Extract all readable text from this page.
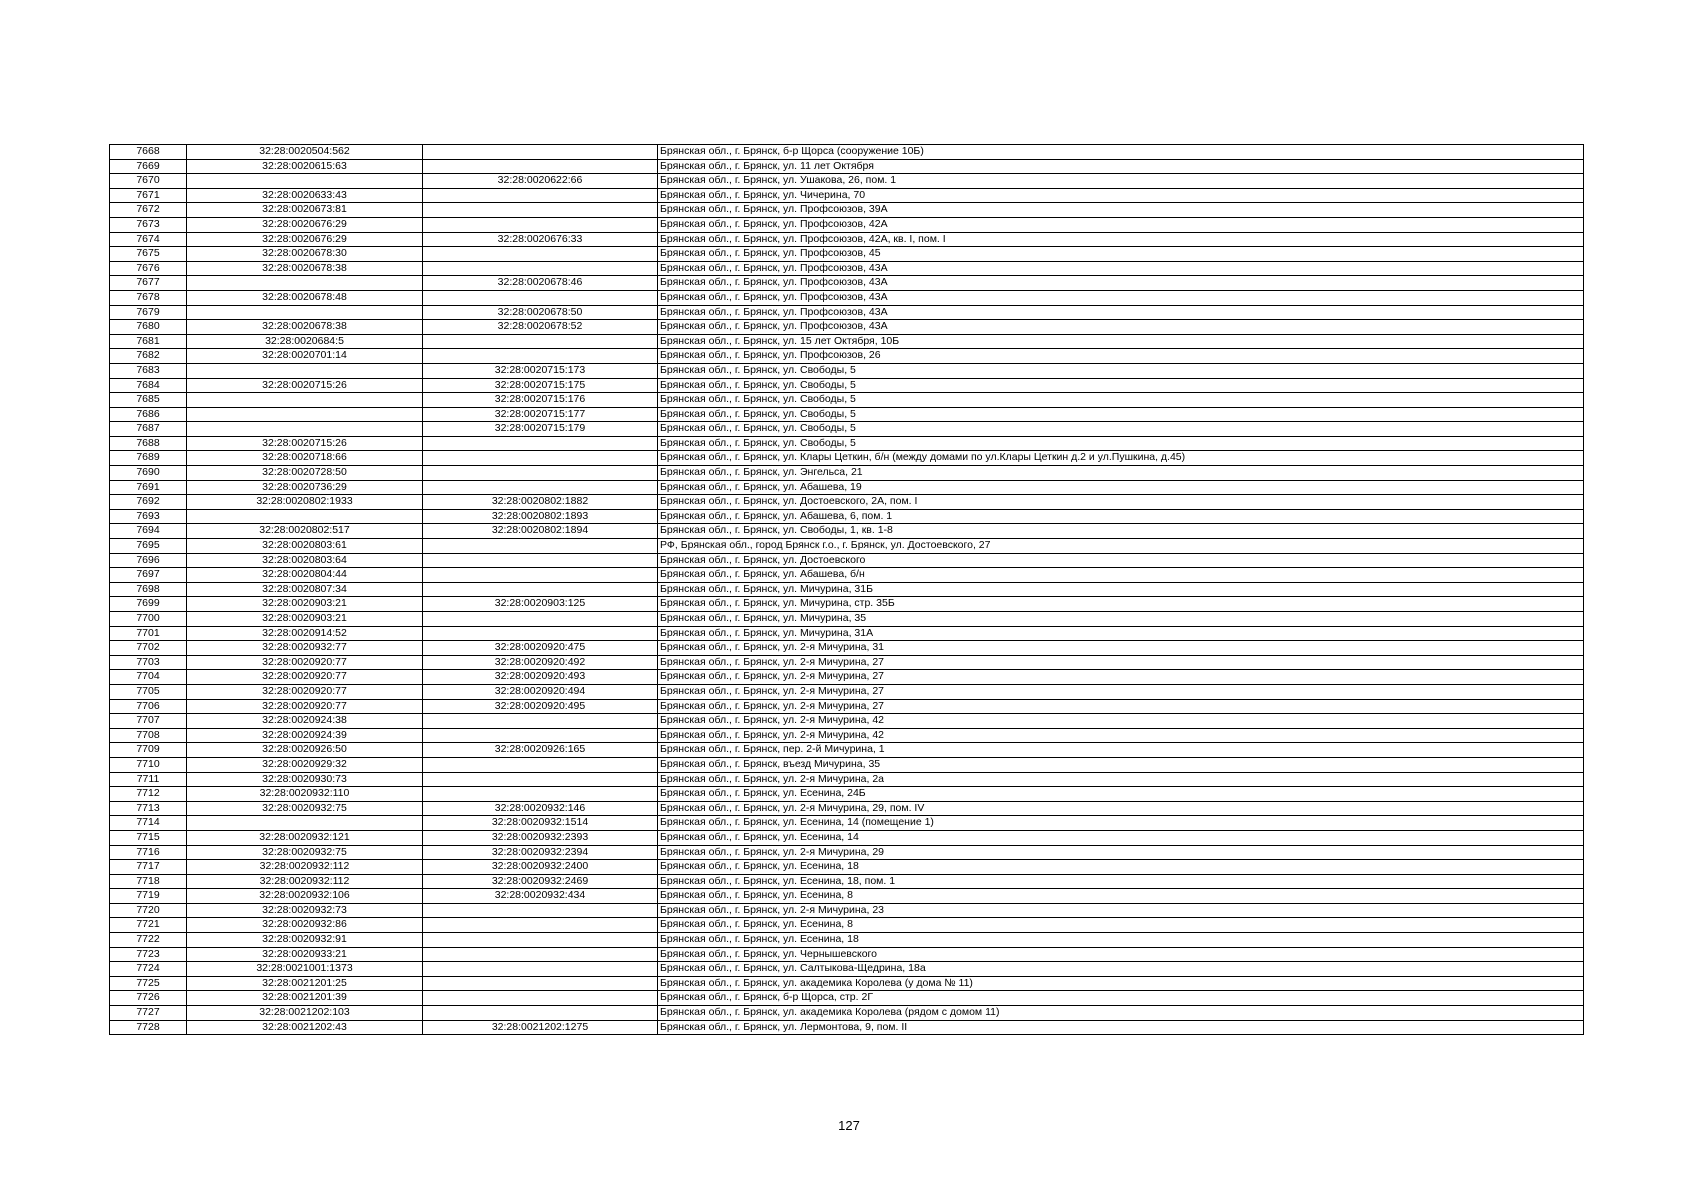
7668	32:28:0020504:562		Брянская обл., г. Брянск, б-р Щорса (сооружение 10Б)
7669	32:28:0020615:63		Брянская обл., г. Брянск, ул. 11 лет Октября
7670		32:28:0020622:66	Брянская обл., г. Брянск, ул. Ушакова, 26, пом. 1
7671	32:28:0020633:43		Брянская обл., г. Брянск, ул. Чичерина, 70
7672	32:28:0020673:81		Брянская обл., г. Брянск, ул. Профсоюзов, 39А
7673	32:28:0020676:29		Брянская обл., г. Брянск, ул. Профсоюзов, 42А
7674	32:28:0020676:29	32:28:0020676:33	Брянская обл., г. Брянск, ул. Профсоюзов, 42А, кв. I, пом. I
7675	32:28:0020678:30		Брянская обл., г. Брянск, ул. Профсоюзов, 45
7676	32:28:0020678:38		Брянская обл., г. Брянск, ул. Профсоюзов, 43А
7677		32:28:0020678:46	Брянская обл., г. Брянск, ул. Профсоюзов, 43А
7678	32:28:0020678:48		Брянская обл., г. Брянск, ул. Профсоюзов, 43А
7679		32:28:0020678:50	Брянская обл., г. Брянск, ул. Профсоюзов, 43А
7680	32:28:0020678:38	32:28:0020678:52	Брянская обл., г. Брянск, ул. Профсоюзов, 43А
7681	32:28:0020684:5		Брянская обл., г. Брянск, ул. 15 лет Октября, 10Б
7682	32:28:0020701:14		Брянская обл., г. Брянск, ул. Профсоюзов, 26
7683		32:28:0020715:173	Брянская обл., г. Брянск, ул. Свободы, 5
7684	32:28:0020715:26	32:28:0020715:175	Брянская обл., г. Брянск, ул. Свободы, 5
7685		32:28:0020715:176	Брянская обл., г. Брянск, ул. Свободы, 5
7686		32:28:0020715:177	Брянская обл., г. Брянск, ул. Свободы, 5
7687		32:28:0020715:179	Брянская обл., г. Брянск, ул. Свободы, 5
7688	32:28:0020715:26		Брянская обл., г. Брянск, ул. Свободы, 5
7689	32:28:0020718:66		Брянская обл., г. Брянск, ул. Клары Цеткин, б/н (между домами по ул.Клары Цеткин д.2 и ул.Пушкина, д.45)
7690	32:28:0020728:50		Брянская обл., г. Брянск, ул. Энгельса, 21
7691	32:28:0020736:29		Брянская обл., г. Брянск, ул. Абашева, 19
7692	32:28:0020802:1933	32:28:0020802:1882	Брянская обл., г. Брянск, ул. Достоевского, 2А, пом. I
7693		32:28:0020802:1893	Брянская обл., г. Брянск, ул. Абашева, 6, пом. 1
7694	32:28:0020802:517	32:28:0020802:1894	Брянская обл., г. Брянск, ул. Свободы, 1, кв. 1-8
7695	32:28:0020803:61		РФ, Брянская обл., город Брянск г.о., г. Брянск, ул. Достоевского, 27
7696	32:28:0020803:64		Брянская обл., г. Брянск, ул. Достоевского
7697	32:28:0020804:44		Брянская обл., г. Брянск, ул. Абашева, б/н
7698	32:28:0020807:34		Брянская обл., г. Брянск, ул. Мичурина, 31Б
7699	32:28:0020903:21	32:28:0020903:125	Брянская обл., г. Брянск, ул. Мичурина, стр. 35Б
7700	32:28:0020903:21		Брянская обл., г. Брянск, ул. Мичурина, 35
7701	32:28:0020914:52		Брянская обл., г. Брянск, ул. Мичурина, 31А
7702	32:28:0020932:77	32:28:0020920:475	Брянская обл., г. Брянск, ул. 2-я Мичурина, 31
7703	32:28:0020920:77	32:28:0020920:492	Брянская обл., г. Брянск, ул. 2-я Мичурина, 27
7704	32:28:0020920:77	32:28:0020920:493	Брянская обл., г. Брянск, ул. 2-я Мичурина, 27
7705	32:28:0020920:77	32:28:0020920:494	Брянская обл., г. Брянск, ул. 2-я Мичурина, 27
7706	32:28:0020920:77	32:28:0020920:495	Брянская обл., г. Брянск, ул. 2-я Мичурина, 27
7707	32:28:0020924:38		Брянская обл., г. Брянск, ул. 2-я Мичурина, 42
7708	32:28:0020924:39		Брянская обл., г. Брянск, ул. 2-я Мичурина, 42
7709	32:28:0020926:50	32:28:0020926:165	Брянская обл., г. Брянск, пер. 2-й Мичурина, 1
7710	32:28:0020929:32		Брянская обл., г. Брянск, въезд Мичурина, 35
7711	32:28:0020930:73		Брянская обл., г. Брянск, ул. 2-я Мичурина, 2а
7712	32:28:0020932:110		Брянская обл., г. Брянск, ул. Есенина, 24Б
7713	32:28:0020932:75	32:28:0020932:146	Брянская обл., г. Брянск, ул. 2-я Мичурина, 29, пом. IV
7714		32:28:0020932:1514	Брянская обл., г. Брянск, ул. Есенина, 14 (помещение 1)
7715	32:28:0020932:121	32:28:0020932:2393	Брянская обл., г. Брянск, ул. Есенина, 14
7716	32:28:0020932:75	32:28:0020932:2394	Брянская обл., г. Брянск, ул. 2-я Мичурина, 29
7717	32:28:0020932:112	32:28:0020932:2400	Брянская обл., г. Брянск, ул. Есенина, 18
7718	32:28:0020932:112	32:28:0020932:2469	Брянская обл., г. Брянск, ул. Есенина, 18, пом. 1
7719	32:28:0020932:106	32:28:0020932:434	Брянская обл., г. Брянск, ул. Есенина, 8
7720	32:28:0020932:73		Брянская обл., г. Брянск, ул. 2-я Мичурина, 23
7721	32:28:0020932:86		Брянская обл., г. Брянск, ул. Есенина, 8
7722	32:28:0020932:91		Брянская обл., г. Брянск, ул. Есенина, 18
7723	32:28:0020933:21		Брянская обл., г. Брянск, ул. Чернышевского
7724	32:28:0021001:1373		Брянская обл., г. Брянск, ул. Салтыкова-Щедрина, 18а
7725	32:28:0021201:25		Брянская обл., г. Брянск, ул. академика Королева (у дома № 11)
7726	32:28:0021201:39		Брянская обл., г. Брянск, б-р Щорса, стр. 2Г
7727	32:28:0021202:103		Брянская обл., г. Брянск, ул. академика Королева (рядом с домом 11)
7728	32:28:0021202:43	32:28:0021202:1275	Брянская обл., г. Брянск, ул. Лермонтова, 9, пом. II
127
